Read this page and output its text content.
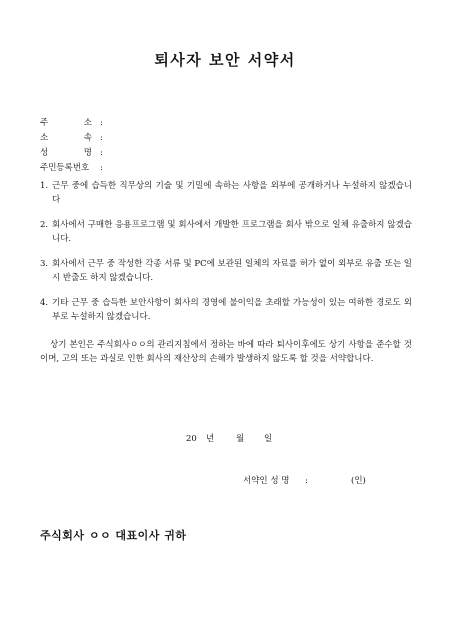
퇴사자 보안 서약서
주	소 :
소	속 :
성	명 :
주민등록번호 :
1. 근무 중에 습득한 직무상의 기술 및 기밀에 속하는 사항을 외부에 공개하거나 누설하지 않겠습니다
2. 회사에서 구매한 응용프로그램 및 회사에서 개발한 프로그램을 회사 밖으로 일체 유출하지 않겠습니다.
3. 회사에서 근무 중 작성한 각종 서류 및 PC에 보관된 일체의 자료를 허가 없이 외부로 유출 또는 일시 반출도 하지 않겠습니다.
4. 기타 근무 중 습득한 보안사항이 회사의 경영에 불이익을 초래할 가능성이 있는 여하한 경로도 외부로 누설하지 않겠습니다.
상기 본인은 주식회사ㅇㅇ의 관리지침에서 정하는 바에 따라 퇴사이후에도 상기 사항을 준수할 것이며, 고의 또는 과실로 인한 회사의 재산상의 손해가 발생하지 않도록 할 것을 서약합니다.
20 년	월 일
서약인 성 명 :	(인)
주식회사 ㅇㅇ 대표이사 귀하
